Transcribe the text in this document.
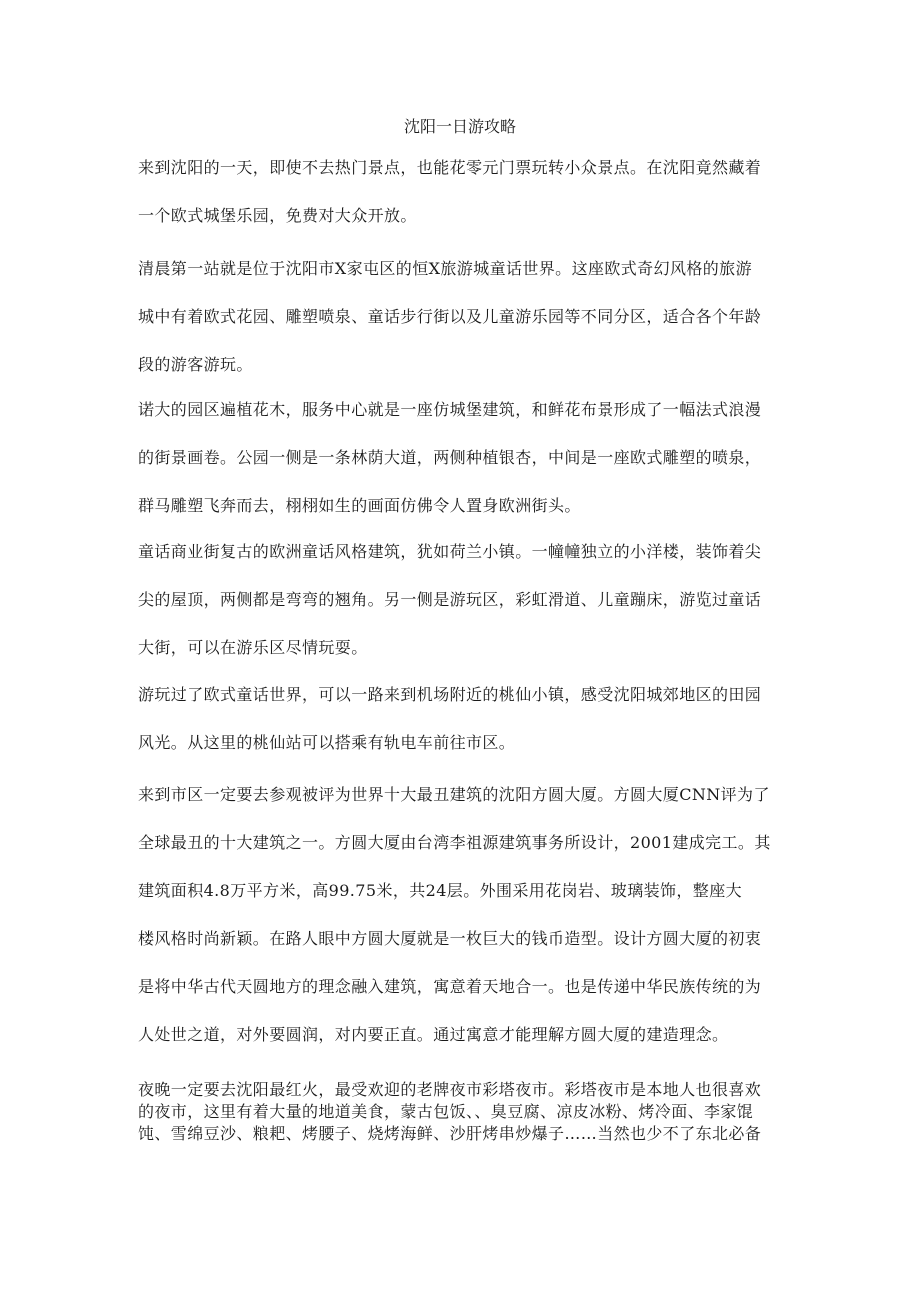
沈阳一日游攻略
来到沈阳的一天，即使不去热门景点，也能花零元门票玩转小众景点。在沈阳竟然藏着
一个欧式城堡乐园，免费对大众开放。
清晨第一站就是位于沈阳市X家屯区的恒X旅游城童话世界。这座欧式奇幻风格的旅游
城中有着欧式花园、雕塑喷泉、童话步行街以及儿童游乐园等不同分区，适合各个年龄
段的游客游玩。
诺大的园区遍植花木，服务中心就是一座仿城堡建筑，和鲜花布景形成了一幅法式浪漫
的街景画卷。公园一侧是一条林荫大道，两侧种植银杏，中间是一座欧式雕塑的喷泉，
群马雕塑飞奔而去，栩栩如生的画面仿佛令人置身欧洲街头。
童话商业街复古的欧洲童话风格建筑，犹如荷兰小镇。一幢幢独立的小洋楼，装饰着尖
尖的屋顶，两侧都是弯弯的翘角。另一侧是游玩区，彩虹滑道、儿童蹦床，游览过童话
大街，可以在游乐区尽情玩耍。
游玩过了欧式童话世界，可以一路来到机场附近的桃仙小镇，感受沈阳城郊地区的田园
风光。从这里的桃仙站可以搭乘有轨电车前往市区。
来到市区一定要去参观被评为世界十大最丑建筑的沈阳方圆大厦。方圆大厦CNN评为了
全球最丑的十大建筑之一。方圆大厦由台湾李祖源建筑事务所设计，2001建成完工。其
建筑面积4.8万平方米，高99.75米，共24层。外围采用花岗岩、玻璃装饰，整座大
楼风格时尚新颖。在路人眼中方圆大厦就是一枚巨大的钱币造型。设计方圆大厦的初衷
是将中华古代天圆地方的理念融入建筑，寓意着天地合一。也是传递中华民族传统的为
人处世之道，对外要圆润，对内要正直。通过寓意才能理解方圆大厦的建造理念。
夜晚一定要去沈阳最红火，最受欢迎的老牌夜市彩塔夜市。彩塔夜市是本地人也很喜欢
的夜市，这里有着大量的地道美食，蒙古包饭、、臭豆腐、凉皮冰粉、烤冷面、李家馄
饨、雪绵豆沙、粮耙、烤腰子、烧烤海鲜、沙肝烤串炒爆子……当然也少不了东北必备
